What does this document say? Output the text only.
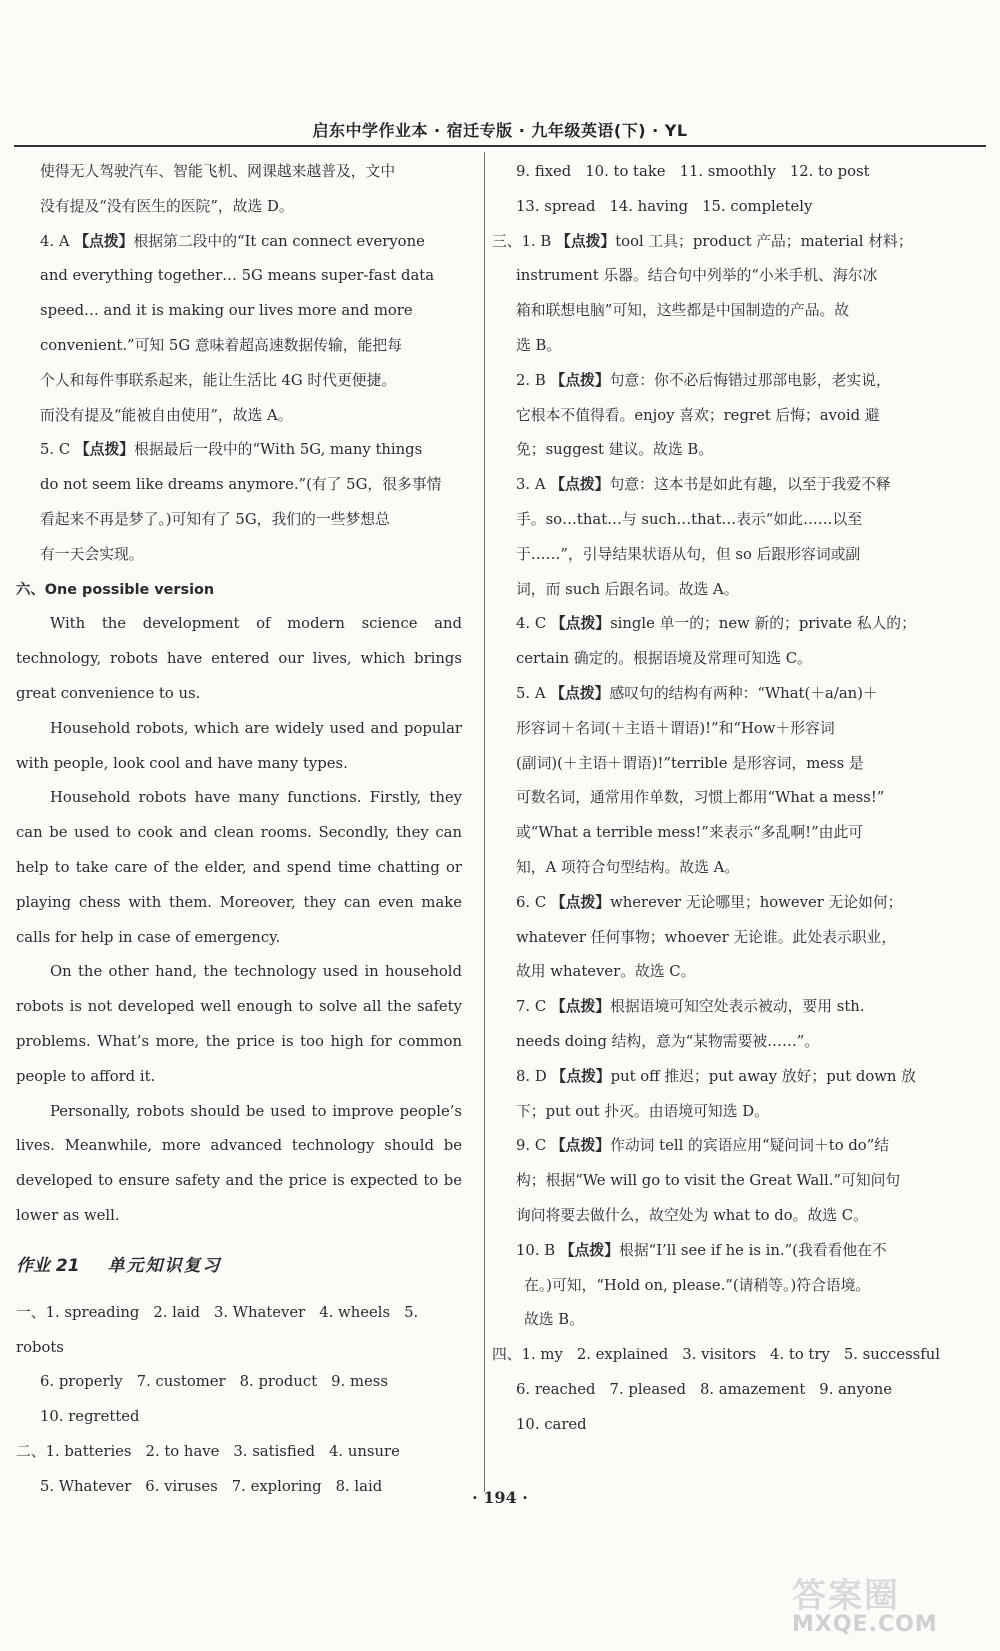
启东中学作业本 · 宿迁专版 · 九年级英语(下) · YL

使得无人驾驶汽车、智能飞机、网课越来越普及，文中

没有提及“没有医生的医院”，故选 D。

4. A 【点拨】根据第二段中的“It can connect everyone

and everything together… 5G means super-fast data

speed… and it is making our lives more and more

convenient.”可知 5G 意味着超高速数据传输，能把每

个人和每件事联系起来，能让生活比 4G 时代更便捷。

而没有提及“能被自由使用”，故选 A。

5. C 【点拨】根据最后一段中的“With 5G, many things

do not seem like dreams anymore.”(有了 5G，很多事情

看起来不再是梦了。)可知有了 5G，我们的一些梦想总

有一天会实现。

六、One possible version

With the development of modern science and technology, robots have entered our lives, which brings great convenience to us.

Household robots, which are widely used and popular with people, look cool and have many types.

Household robots have many functions. Firstly, they can be used to cook and clean rooms. Secondly, they can help to take care of the elder, and spend time chatting or playing chess with them. Moreover, they can even make calls for help in case of emergency.

On the other hand, the technology used in household robots is not developed well enough to solve all the safety problems. What’s more, the price is too high for common people to afford it.

Personally, robots should be used to improve people’s lives. Meanwhile, more advanced technology should be developed to ensure safety and the price is expected to be lower as well.

作业 21 单元知识复习

一、1. spreading 2. laid 3. Whatever 4. wheels 5. robots

6. properly 7. customer 8. product 9. mess

10. regretted

二、1. batteries 2. to have 3. satisfied 4. unsure

5. Whatever 6. viruses 7. exploring 8. laid

9. fixed 10. to take 11. smoothly 12. to post

13. spread 14. having 15. completely

三、1. B 【点拨】tool 工具；product 产品；material 材料；

instrument 乐器。结合句中列举的“小米手机、海尔冰

箱和联想电脑”可知，这些都是中国制造的产品。故

选 B。

2. B 【点拨】句意：你不必后悔错过那部电影，老实说，

它根本不值得看。enjoy 喜欢；regret 后悔；avoid 避

免；suggest 建议。故选 B。

3. A 【点拨】句意：这本书是如此有趣，以至于我爱不释

手。so…that…与 such…that…表示“如此……以至

于……”，引导结果状语从句，但 so 后跟形容词或副

词，而 such 后跟名词。故选 A。

4. C 【点拨】single 单一的；new 新的；private 私人的；

certain 确定的。根据语境及常理可知选 C。

5. A 【点拨】感叹句的结构有两种：“What(＋a/an)＋

形容词＋名词(＋主语＋谓语)!”和“How＋形容词

(副词)(＋主语＋谓语)!”terrible 是形容词，mess 是

可数名词，通常用作单数，习惯上都用“What a mess!”

或“What a terrible mess!”来表示“多乱啊!”由此可

知，A 项符合句型结构。故选 A。

6. C 【点拨】wherever 无论哪里；however 无论如何；

whatever 任何事物；whoever 无论谁。此处表示职业，

故用 whatever。故选 C。

7. C 【点拨】根据语境可知空处表示被动，要用 sth.

needs doing 结构，意为“某物需要被……”。

8. D 【点拨】put off 推迟；put away 放好；put down 放

下；put out 扑灭。由语境可知选 D。

9. C 【点拨】作动词 tell 的宾语应用“疑问词＋to do”结

构；根据“We will go to visit the Great Wall.”可知问句

询问将要去做什么，故空处为 what to do。故选 C。

10. B 【点拨】根据“I’ll see if he is in.”(我看看他在不

在。)可知，“Hold on, please.”(请稍等。)符合语境。

故选 B。

四、1. my 2. explained 3. visitors 4. to try 5. successful

6. reached 7. pleased 8. amazement 9. anyone

10. cared

· 194 ·
答案圈
MXQE.COM
